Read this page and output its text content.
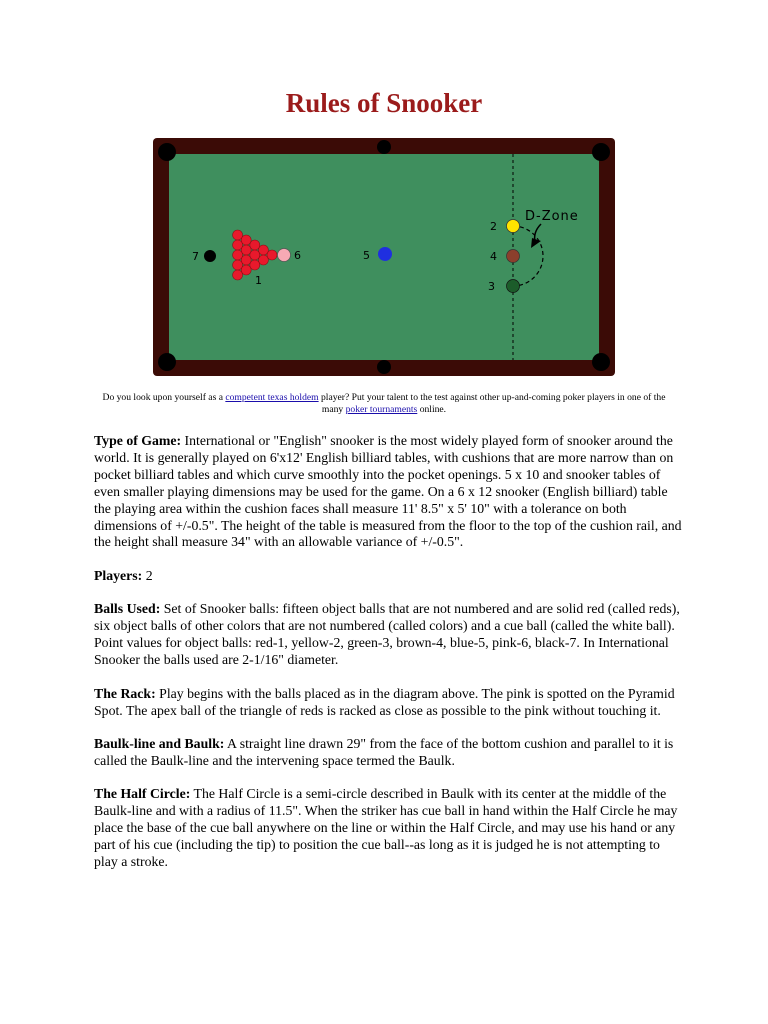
Rules of Snooker
D-Zone
7	6
1
5
2
4
3
Do you look upon yourself as a competent texas holdem player? Put your talent to the test against other up-and-coming poker players in one of the many poker tournaments online.

Type of Game: International or "English" snooker is the most widely played form of snooker around the world. It is generally played on 6'x12' English billiard tables, with cushions that are more narrow than on pocket billiard tables and which curve smoothly into the pocket openings. 5 x 10 and snooker tables of even smaller playing dimensions may be used for the game. On a 6 x 12 snooker (English billiard) table the playing area within the cushion faces shall measure 11' 8.5" x 5' 10" with a tolerance on both dimensions of +/-0.5". The height of the table is measured from the floor to the top of the cushion rail, and the height shall measure 34" with an allowable variance of +/-0.5".

Players: 2

Balls Used: Set of Snooker balls: fifteen object balls that are not numbered and are solid red (called reds), six object balls of other colors that are not numbered (called colors) and a cue ball (called the white ball). Point values for object balls: red-1, yellow-2, green-3, brown-4, blue-5, pink-6, black-7. In International Snooker the balls used are 2-1/16" diameter.

The Rack: Play begins with the balls placed as in the diagram above. The pink is spotted on the Pyramid Spot. The apex ball of the triangle of reds is racked as close as possible to the pink without touching it.

Baulk-line and Baulk: A straight line drawn 29" from the face of the bottom cushion and parallel to it is called the Baulk-line and the intervening space termed the Baulk.

The Half Circle: The Half Circle is a semi-circle described in Baulk with its center at the middle of the Baulk-line and with a radius of 11.5". When the striker has cue ball in hand within the Half Circle he may place the base of the cue ball anywhere on the line or within the Half Circle, and may use his hand or any part of his cue (including the tip) to position the cue ball--as long as it is judged he is not attempting to play a stroke.
